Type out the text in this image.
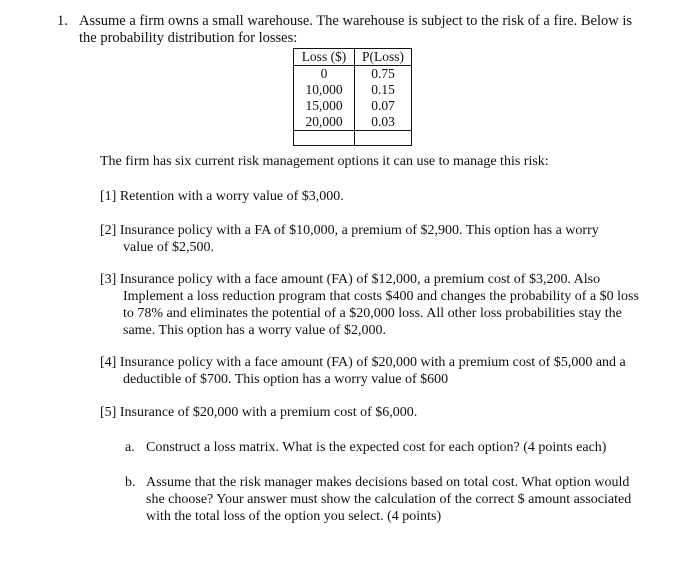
1. Assume a firm owns a small warehouse. The warehouse is subject to the risk of a fire. Below is
the probability distribution for losses:
Loss ($)	P(Loss)
0	0.75
10,000	0.15
15,000	0.07
20,000	0.03

The firm has six current risk management options it can use to manage this risk:
[1] Retention with a worry value of $3,000.
[2] Insurance policy with a FA of $10,000, a premium of $2,900. This option has a worry
value of $2,500.
[3] Insurance policy with a face amount (FA) of $12,000, a premium cost of $3,200. Also
Implement a loss reduction program that costs $400 and changes the probability of a $0 loss to 78% and eliminates the potential of a $20,000 loss. All other loss probabilities stay the same. This option has a worry value of $2,000.
[4] Insurance policy with a face amount (FA) of $20,000 with a premium cost of $5,000 and a
deductible of $700. This option has a worry value of $600
[5] Insurance of $20,000 with a premium cost of $6,000.
a. Construct a loss matrix. What is the expected cost for each option? (4 points each)
b. Assume that the risk manager makes decisions based on total cost. What option would she choose? Your answer must show the calculation of the correct $ amount associated with the total loss of the option you select. (4 points)
